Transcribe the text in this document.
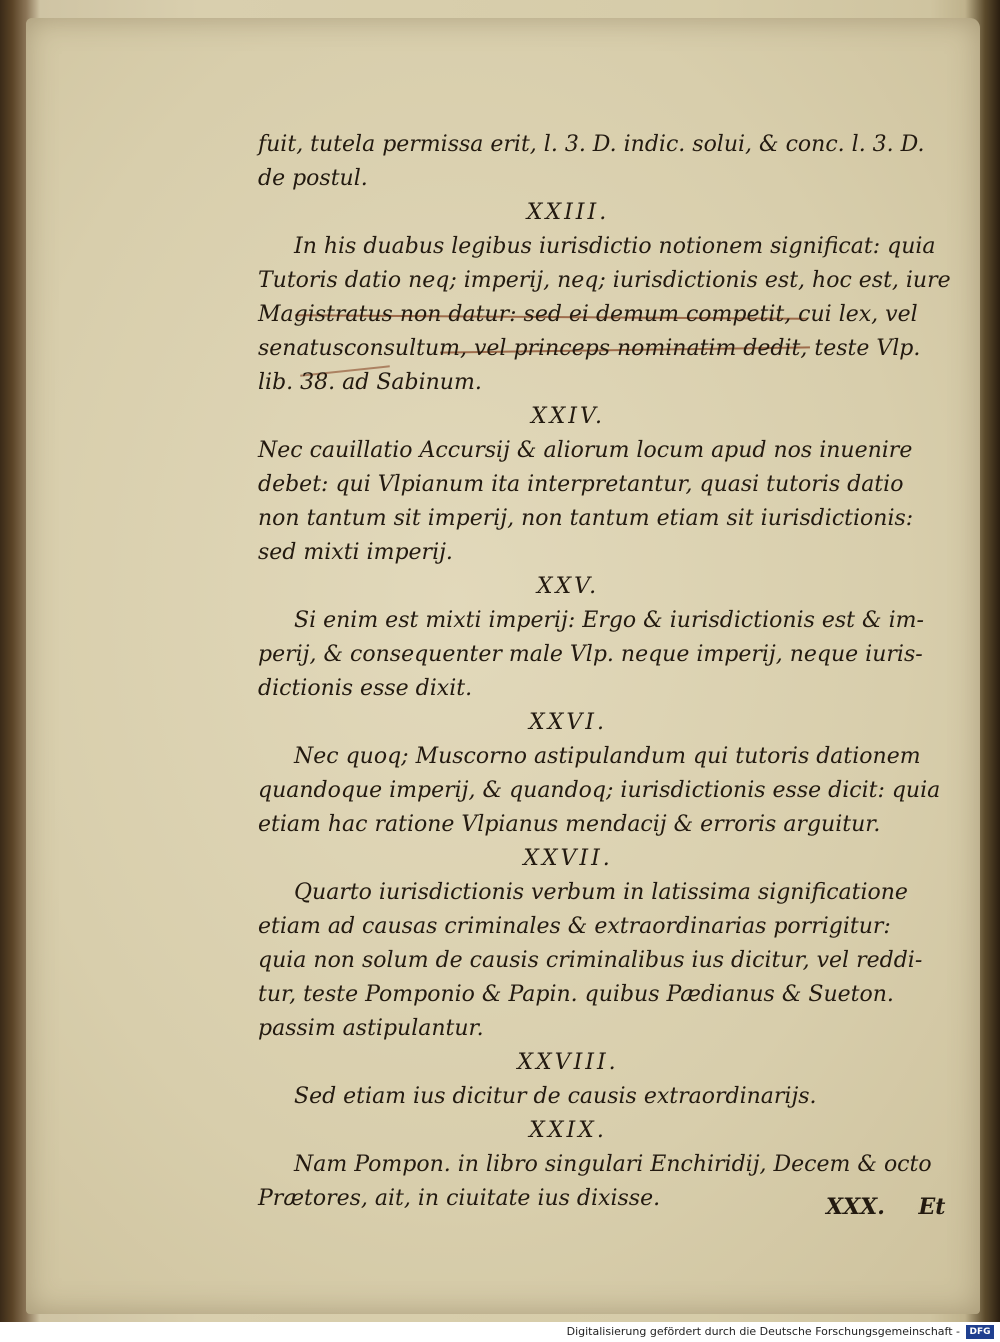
fuit, tutela permissa erit, l. 3. D. indic. solui, & conc. l. 3. D.
de postul.
XXIII.
In his duabus legibus iurisdictio notionem significat: quia
Tutoris datio neq; imperij, neq; iurisdictionis est, hoc est, iure
Magistratus non datur: sed ei demum competit, cui lex, vel
senatusconsultum, vel princeps nominatim dedit, teste Vlp.
lib. 38. ad Sabinum.
XXIV.
Nec cauillatio Accursij & aliorum locum apud nos inuenire
debet: qui Vlpianum ita interpretantur, quasi tutoris datio
non tantum sit imperij, non tantum etiam sit iurisdictionis:
sed mixti imperij.
XXV.
Si enim est mixti imperij: Ergo & iurisdictionis est & im-
perij, & consequenter male Vlp. neque imperij, neque iuris-
dictionis esse dixit.
XXVI.
Nec quoq; Muscorno astipulandum qui tutoris dationem
quandoque imperij, & quandoq; iurisdictionis esse dicit: quia
etiam hac ratione Vlpianus mendacij & erroris arguitur.
XXVII.
Quarto iurisdictionis verbum in latissima significatione
etiam ad causas criminales & extraordinarias porrigitur:
quia non solum de causis criminalibus ius dicitur, vel reddi-
tur, teste Pomponio & Papin. quibus Pædianus & Sueton.
passim astipulantur.
XXVIII.
Sed etiam ius dicitur de causis extraordinarijs.
XXIX.
Nam Pompon. in libro singulari Enchiridij, Decem & octo
Prætores, ait, in ciuitate ius dixisse.	XXX. Et
Digitalisierung gefördert durch die Deutsche Forschungsgemeinschaft -	DFG
